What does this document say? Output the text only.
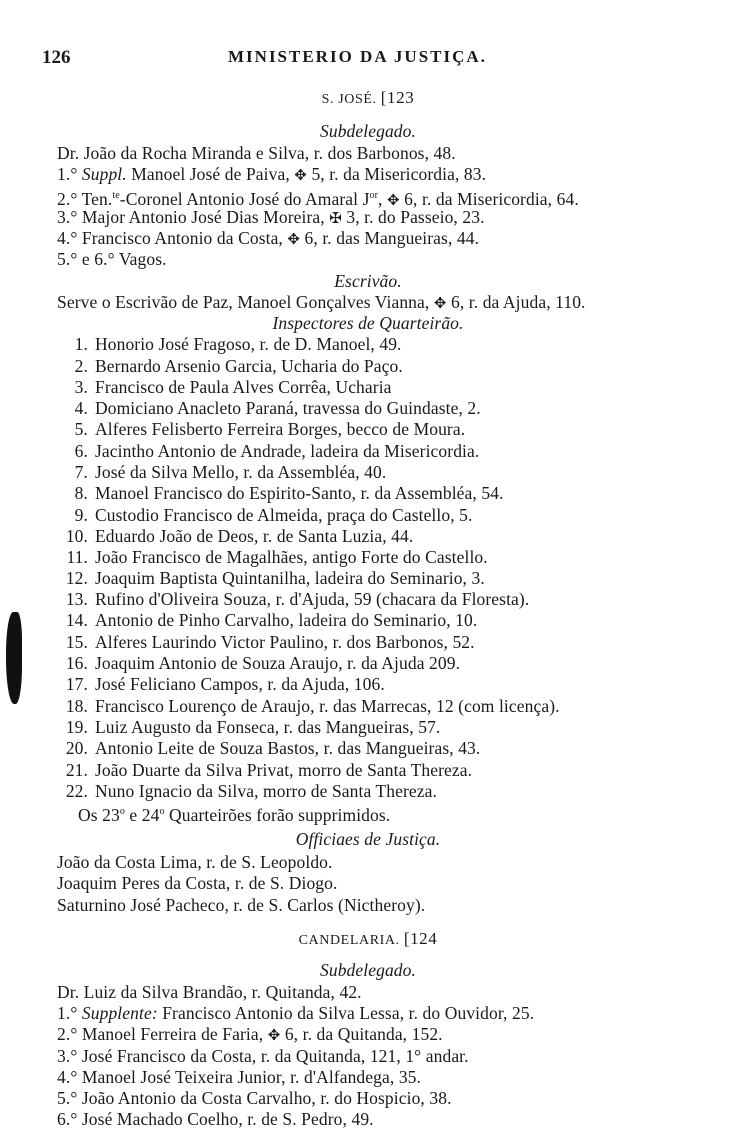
126	MINISTERIO DA JUSTIÇA.
S. JOSÉ. [123
Subdelegado.
Dr. João da Rocha Miranda e Silva, r. dos Barbonos, 48.
1.° Suppl. Manoel José de Paiva, ✥ 5, r. da Misericordia, 83.
2.° Ten.$^{te}$-Coronel Antonio José do Amaral $J^{or}$, ✥ 6, r. da Misericordia, 64.
3.° Major Antonio José Dias Moreira, ✠ 3, r. do Passeio, 23.
4.° Francisco Antonio da Costa, ✥ 6, r. das Mangueiras, 44.
5.° e 6.° Vagos.
Escrivão.
Serve o Escrivão de Paz, Manoel Gonçalves Vianna, ✥ 6, r. da Ajuda, 110.
Inspectores de Quarteirão.
1. Honorio José Fragoso, r. de D. Manoel, 49.
2. Bernardo Arsenio Garcia, Ucharia do Paço.
3. Francisco de Paula Alves Corrêa, Ucharia
4. Domiciano Anacleto Paraná, travessa do Guindaste, 2.
5. Alferes Felisberto Ferreira Borges, becco de Moura.
6. Jacintho Antonio de Andrade, ladeira da Misericordia.
7. José da Silva Mello, r. da Assembléa, 40.
8. Manoel Francisco do Espirito-Santo, r. da Assembléa, 54.
9. Custodio Francisco de Almeida, praça do Castello, 5.
10. Eduardo João de Deos, r. de Santa Luzia, 44.
11. João Francisco de Magalhães, antigo Forte do Castello.
12. Joaquim Baptista Quintanilha, ladeira do Seminario, 3.
13. Rufino d'Oliveira Souza, r. d'Ajuda, 59 (chacara da Floresta).
14. Antonio de Pinho Carvalho, ladeira do Seminario, 10.
15. Alferes Laurindo Victor Paulino, r. dos Barbonos, 52.
16. Joaquim Antonio de Souza Araujo, r. da Ajuda 209.
17. José Feliciano Campos, r. da Ajuda, 106.
18. Francisco Lourenço de Araujo, r. das Marrecas, 12 (com licença).
19. Luiz Augusto da Fonseca, r. das Mangueiras, 57.
20. Antonio Leite de Souza Bastos, r. das Mangueiras, 43.
21. João Duarte da Silva Privat, morro de Santa Thereza.
22. Nuno Ignacio da Silva, morro de Santa Thereza.
Os 23$^o$ e 24$^o$ Quarteirões forão supprimidos.
Officiaes de Justiça.
João da Costa Lima, r. de S. Leopoldo.
Joaquim Peres da Costa, r. de S. Diogo.
Saturnino José Pacheco, r. de S. Carlos (Nictheroy).
CANDELARIA. [124
Subdelegado.
Dr. Luiz da Silva Brandão, r. Quitanda, 42.
1.° Supplente: Francisco Antonio da Silva Lessa, r. do Ouvidor, 25.
2.° Manoel Ferreira de Faria, ✥ 6, r. da Quitanda, 152.
3.° José Francisco da Costa, r. da Quitanda, 121, 1° andar.
4.° Manoel José Teixeira Junior, r. d'Alfandega, 35.
5.° João Antonio da Costa Carvalho, r. do Hospicio, 38.
6.° José Machado Coelho, r. de S. Pedro, 49.
